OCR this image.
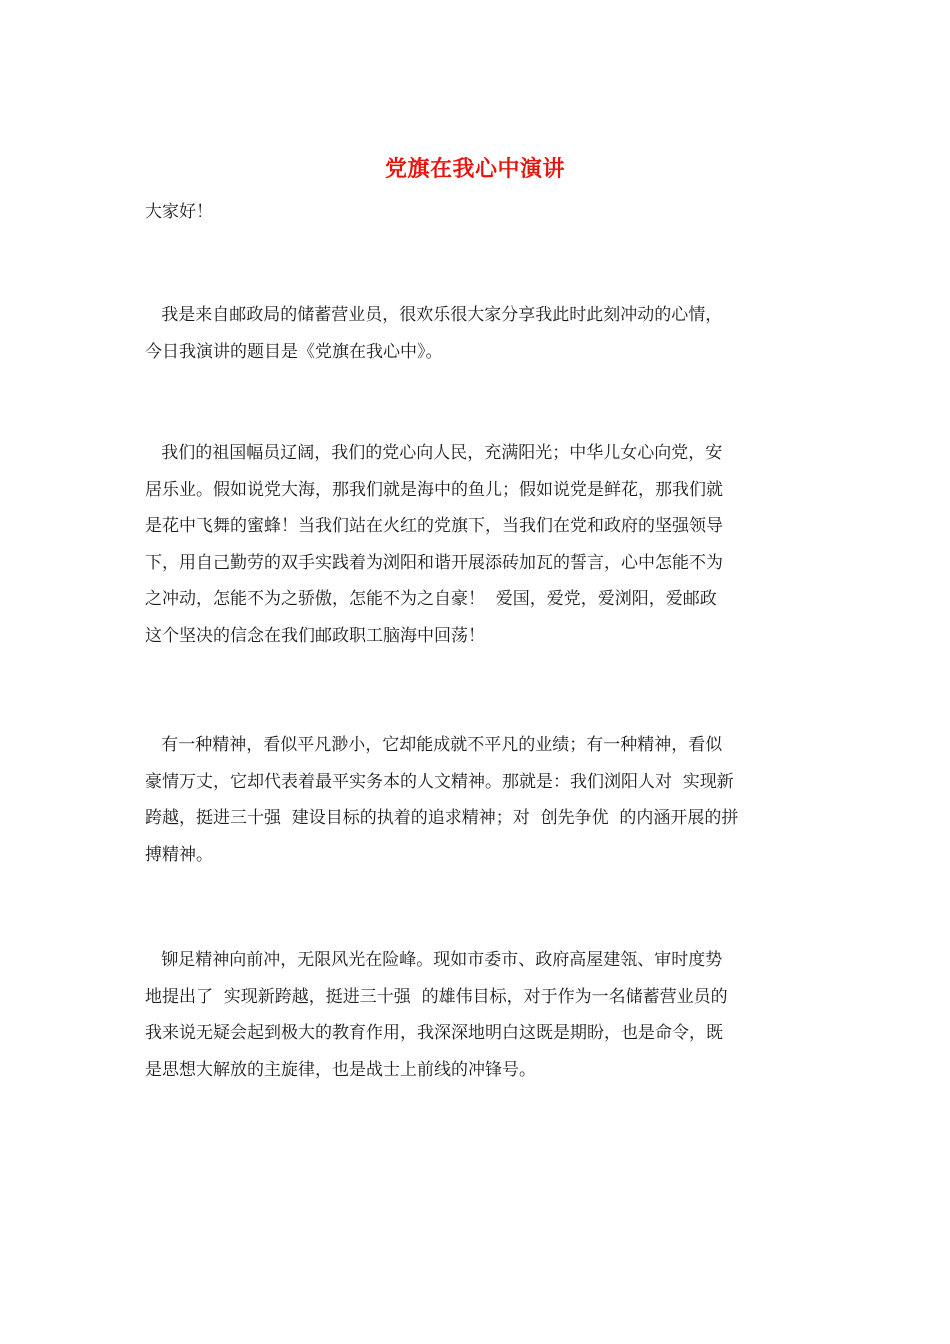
党旗在我心中演讲
大家好！
我是来自邮政局的储蓄营业员，很欢乐很大家分享我此时此刻冲动的心情，
今日我演讲的题目是《党旗在我心中》。
我们的祖国幅员辽阔，我们的党心向人民，充满阳光；中华儿女心向党，安
居乐业。假如说党大海，那我们就是海中的鱼儿；假如说党是鲜花，那我们就
是花中飞舞的蜜蜂！当我们站在火红的党旗下，当我们在党和政府的坚强领导
下，用自己勤劳的双手实践着为浏阳和谐开展添砖加瓦的誓言，心中怎能不为
之冲动，怎能不为之骄傲，怎能不为之自豪！  爱国，爱党，爱浏阳，爱邮政
这个坚决的信念在我们邮政职工脑海中回荡！
有一种精神，看似平凡渺小，它却能成就不平凡的业绩；有一种精神，看似
豪情万丈，它却代表着最平实务本的人文精神。那就是：我们浏阳人对  实现新
跨越，挺进三十强  建设目标的执着的追求精神；对  创先争优  的内涵开展的拼
搏精神。
铆足精神向前冲，无限风光在险峰。现如市委市、政府高屋建瓴、审时度势
地提出了  实现新跨越，挺进三十强  的雄伟目标，对于作为一名储蓄营业员的
我来说无疑会起到极大的教育作用，我深深地明白这既是期盼，也是命令，既
是思想大解放的主旋律，也是战士上前线的冲锋号。
